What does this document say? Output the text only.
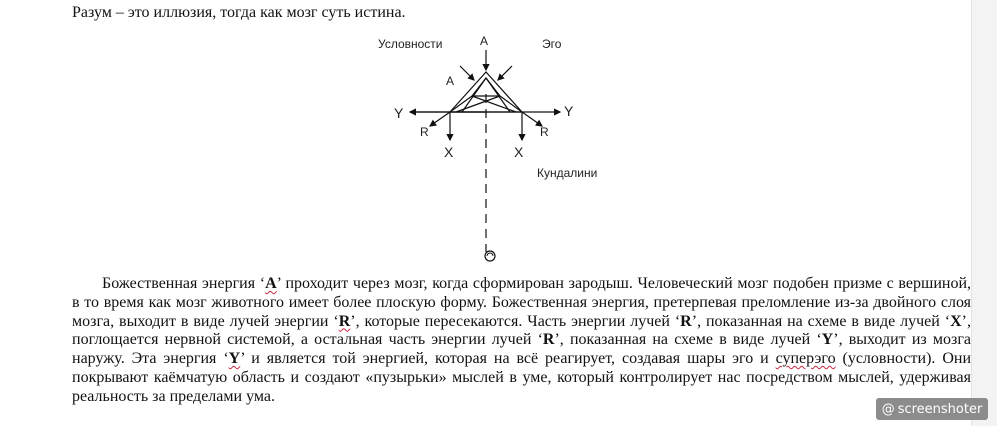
Разум – это иллюзия, тогда как мозг суть истина.
Условности	Эго
A
A
Y	Y
R	R
X	X
Кундалини

Божественная энергия ‘A’ проходит через мозг, когда сформирован зародыш. Человеческий мозг подобен призме с вершиной, в то время как мозг животного имеет более плоскую форму. Божественная энергия, претерпевая преломление из-за двойного слоя мозга, выходит в виде лучей энергии ‘R’, которые пересекаются. Часть энергии лучей ‘R’, показанная на схеме в виде лучей ‘X’, поглощается нервной системой, а остальная часть энергии лучей ‘R’, показанная на схеме в виде лучей ‘Y’, выходит из мозга наружу. Эта энергия ‘Y’ и является той энергией, которая на всё реагирует, создавая шары эго и суперэго (условности). Они покрывают каёмчатую область и создают «пузырьки» мыслей в уме, который контролирует нас посредством мыслей, удерживая реальность за пределами ума.

@ screenshoter
